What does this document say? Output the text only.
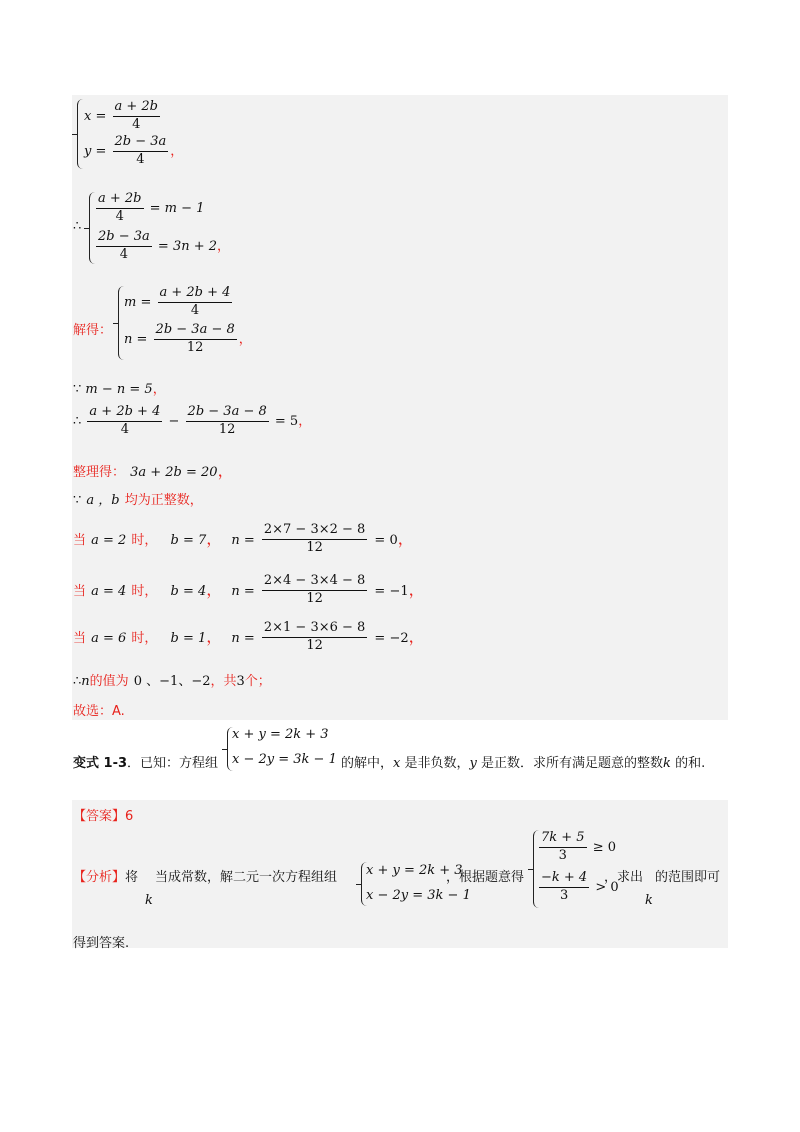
$x = \frac{a + 2b}{4}$
$y = \frac{2b - 3a}{4}$ ，
∴
$\frac{a + 2b}{4} = m - 1$
$\frac{2b - 3a}{4} = 3n + 2$，
解得：
$m = \frac{a + 2b + 4}{4}$
$n = \frac{2b - 3a - 8}{12}$ ，
∵ m − n = 5，
∴ $\frac{a + 2b + 4}{4} - \frac{2b - 3a - 8}{12} = 5$，
整理得： 3a + 2b = 20，
∵ a ，b 均为正整数，
当 a = 2 时， b = 7， $n = \frac{2\times 7 - 3\times 2 - 8}{12} = 0$，
当 a = 4 时， b = 4， $n = \frac{2\times 4 - 3\times 4 - 8}{12} = -1$，
当 a = 6 时， b = 1， $n = \frac{2\times 1 - 3\times 6 - 8}{12} = -2$，
∴n的值为 0 、−1、−2，共3个；
故选：A.
x + y = 2k + 3
x − 2y = 3k − 1
变式 1-3．已知：方程组	的解中，x 是非负数，y 是正数．求所有满足题意的整数k 的和.
【答案】6
【分析】将
k
当成常数，解二元一次方程组组 x + y = 2k + 3
x − 2y = 3k − 1
，根据题意得
$\frac{7k + 5}{3} \ge 0$
$\frac{-k + 4}{3} > 0$
，求出
k
的范围即可
得到答案.
